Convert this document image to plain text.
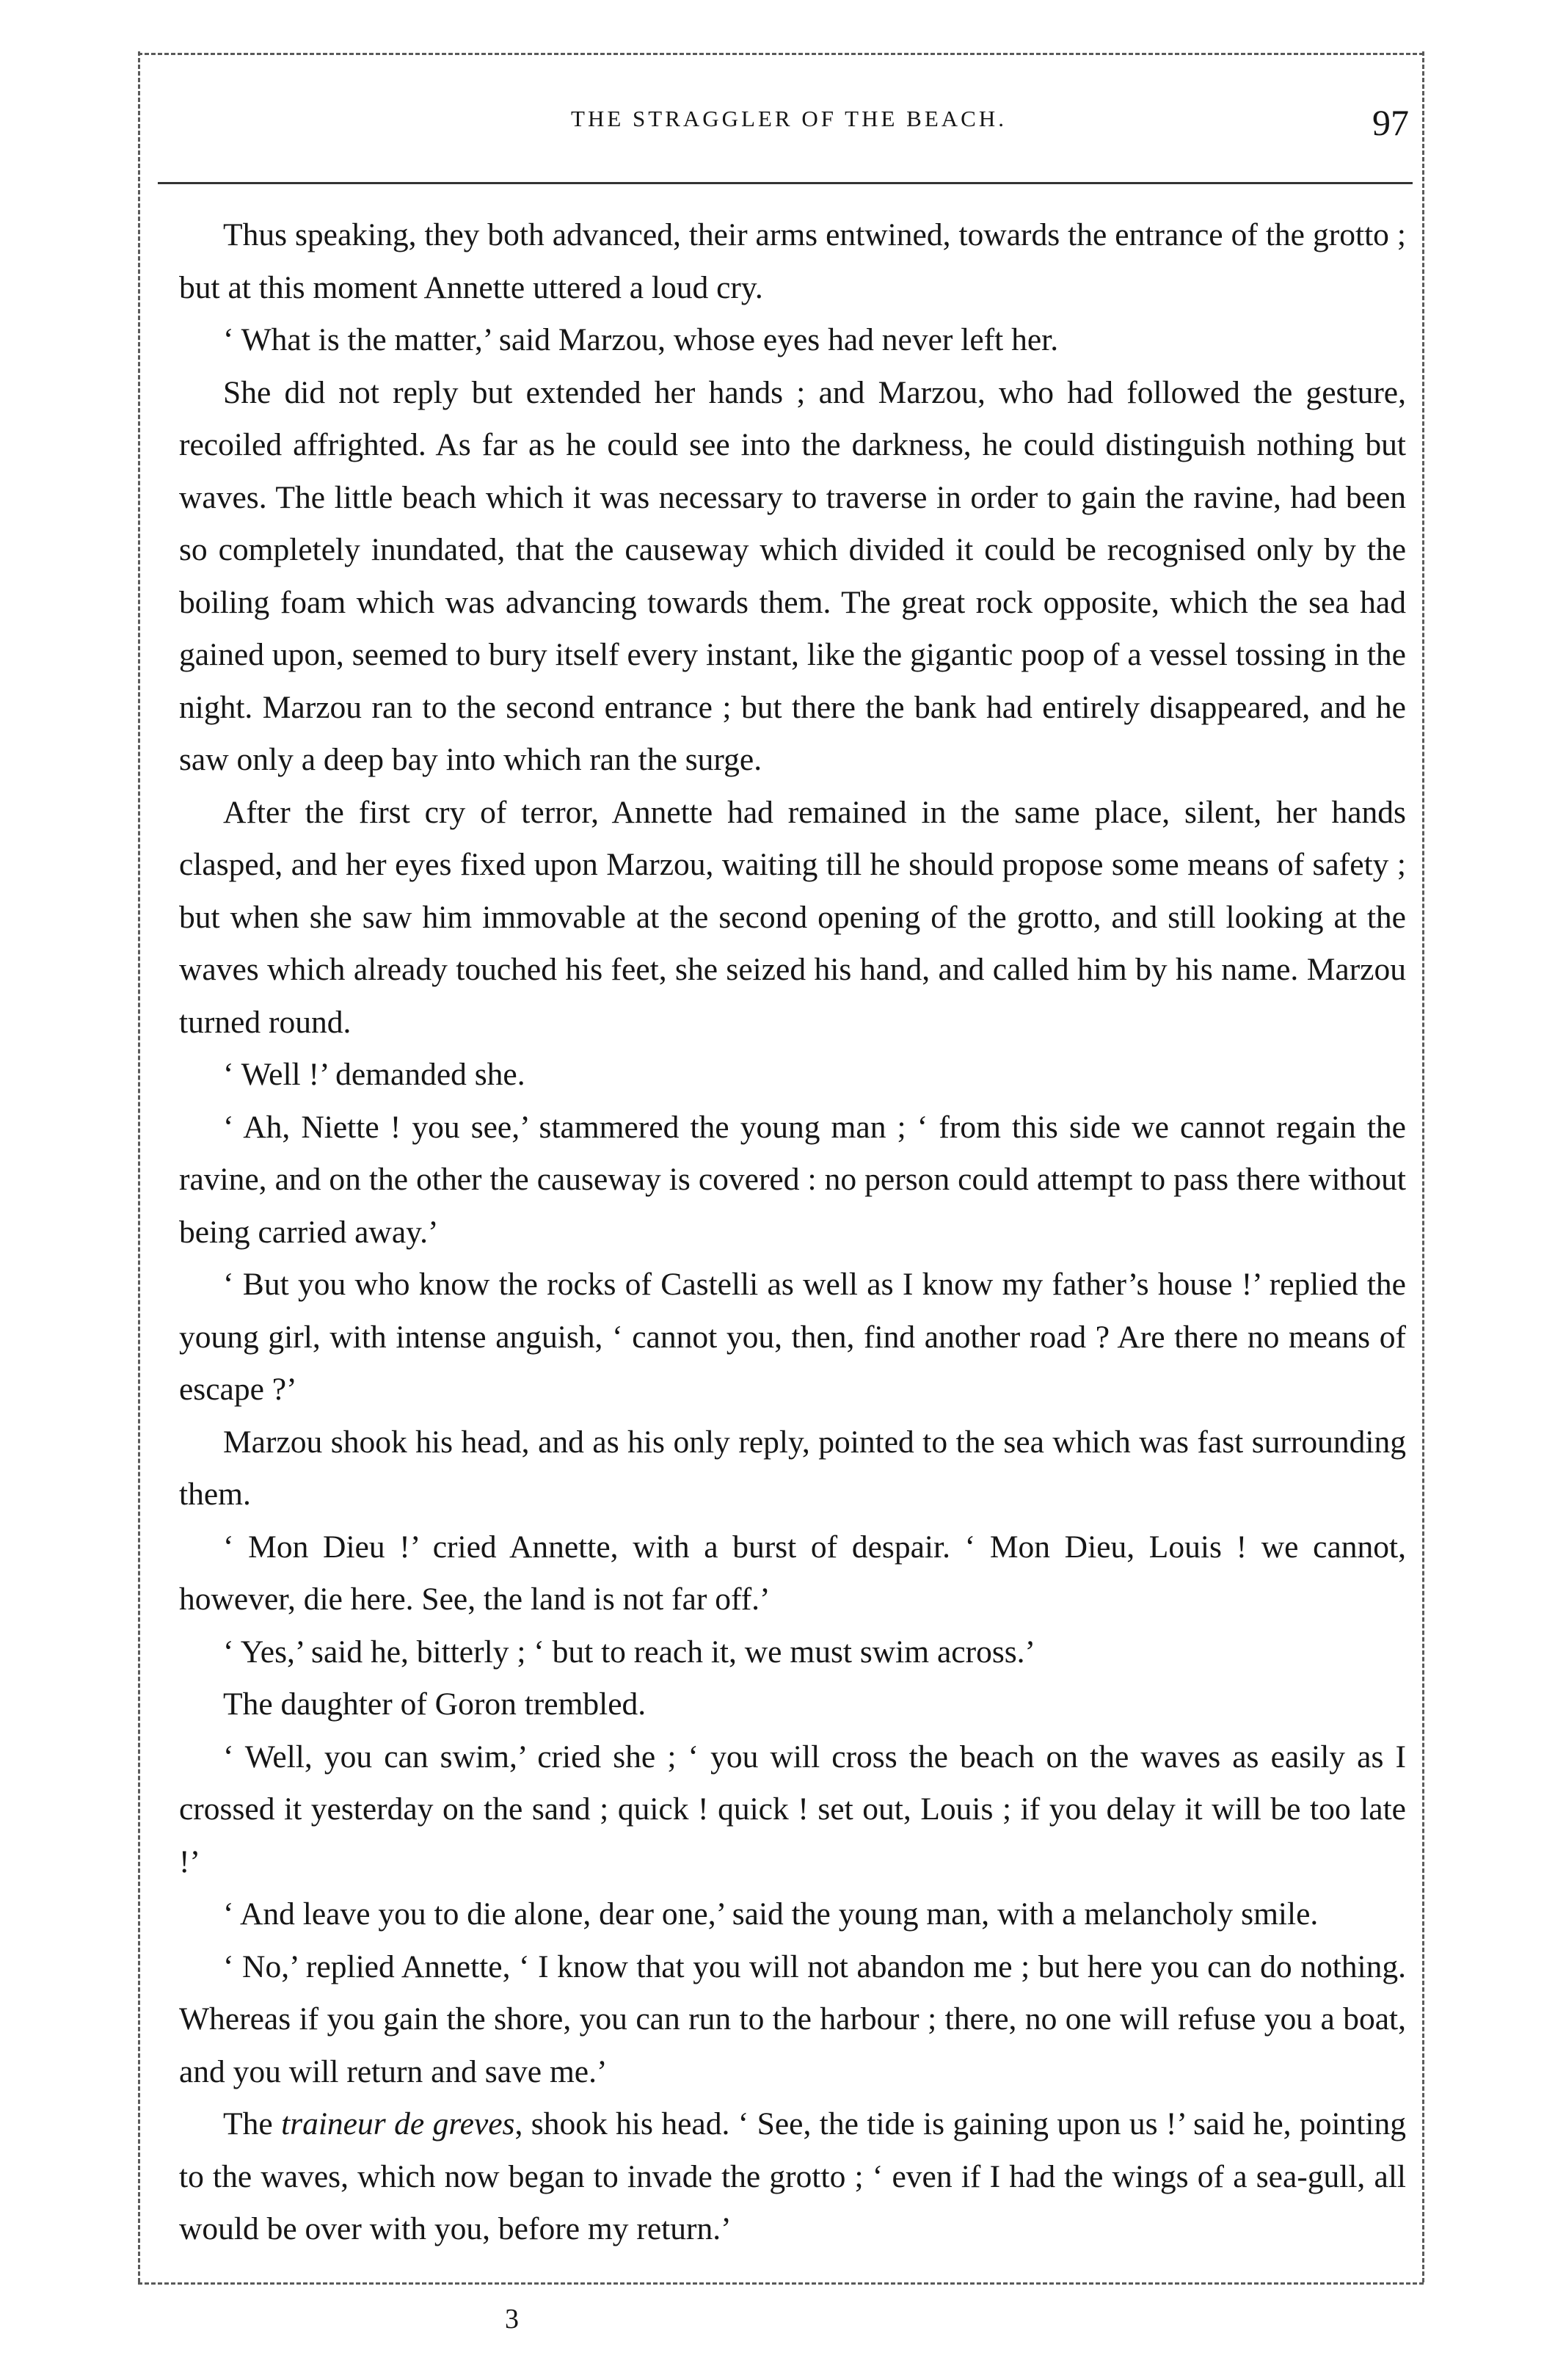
THE STRAGGLER OF THE BEACH.	97

Thus speaking, they both advanced, their arms entwined, towards the entrance of the grotto ; but at this moment Annette uttered a loud cry.

‘ What is the matter,’ said Marzou, whose eyes had never left her.

She did not reply but extended her hands ; and Marzou, who had followed the gesture, recoiled affrighted. As far as he could see into the darkness, he could distinguish nothing but waves. The little beach which it was necessary to traverse in order to gain the ravine, had been so completely inundated, that the causeway which divided it could be recognised only by the boiling foam which was advancing towards them. The great rock opposite, which the sea had gained upon, seemed to bury itself every instant, like the gigantic poop of a vessel tossing in the night. Marzou ran to the second entrance ; but there the bank had entirely disappeared, and he saw only a deep bay into which ran the surge.

After the first cry of terror, Annette had remained in the same place, silent, her hands clasped, and her eyes fixed upon Marzou, waiting till he should propose some means of safety ; but when she saw him immovable at the second opening of the grotto, and still looking at the waves which already touched his feet, she seized his hand, and called him by his name. Marzou turned round.

‘ Well !’ demanded she.

‘ Ah, Niette ! you see,’ stammered the young man ; ‘ from this side we cannot regain the ravine, and on the other the causeway is covered : no person could attempt to pass there without being carried away.’

‘ But you who know the rocks of Castelli as well as I know my father’s house !’ replied the young girl, with intense anguish, ‘ cannot you, then, find another road ? Are there no means of escape ?’

Marzou shook his head, and as his only reply, pointed to the sea which was fast surrounding them.

‘ Mon Dieu !’ cried Annette, with a burst of despair. ‘ Mon Dieu, Louis ! we cannot, however, die here. See, the land is not far off.’

‘ Yes,’ said he, bitterly ; ‘ but to reach it, we must swim across.’

The daughter of Goron trembled.

‘ Well, you can swim,’ cried she ; ‘ you will cross the beach on the waves as easily as I crossed it yesterday on the sand ; quick ! quick ! set out, Louis ; if you delay it will be too late !’

‘ And leave you to die alone, dear one,’ said the young man, with a melancholy smile.

‘ No,’ replied Annette, ‘ I know that you will not abandon me ; but here you can do nothing. Whereas if you gain the shore, you can run to the harbour ; there, no one will refuse you a boat, and you will return and save me.’

The traineur de greves, shook his head. ‘ See, the tide is gaining upon us !’ said he, pointing to the waves, which now began to invade the grotto ; ‘ even if I had the wings of a sea-gull, all would be over with you, before my return.’

3
